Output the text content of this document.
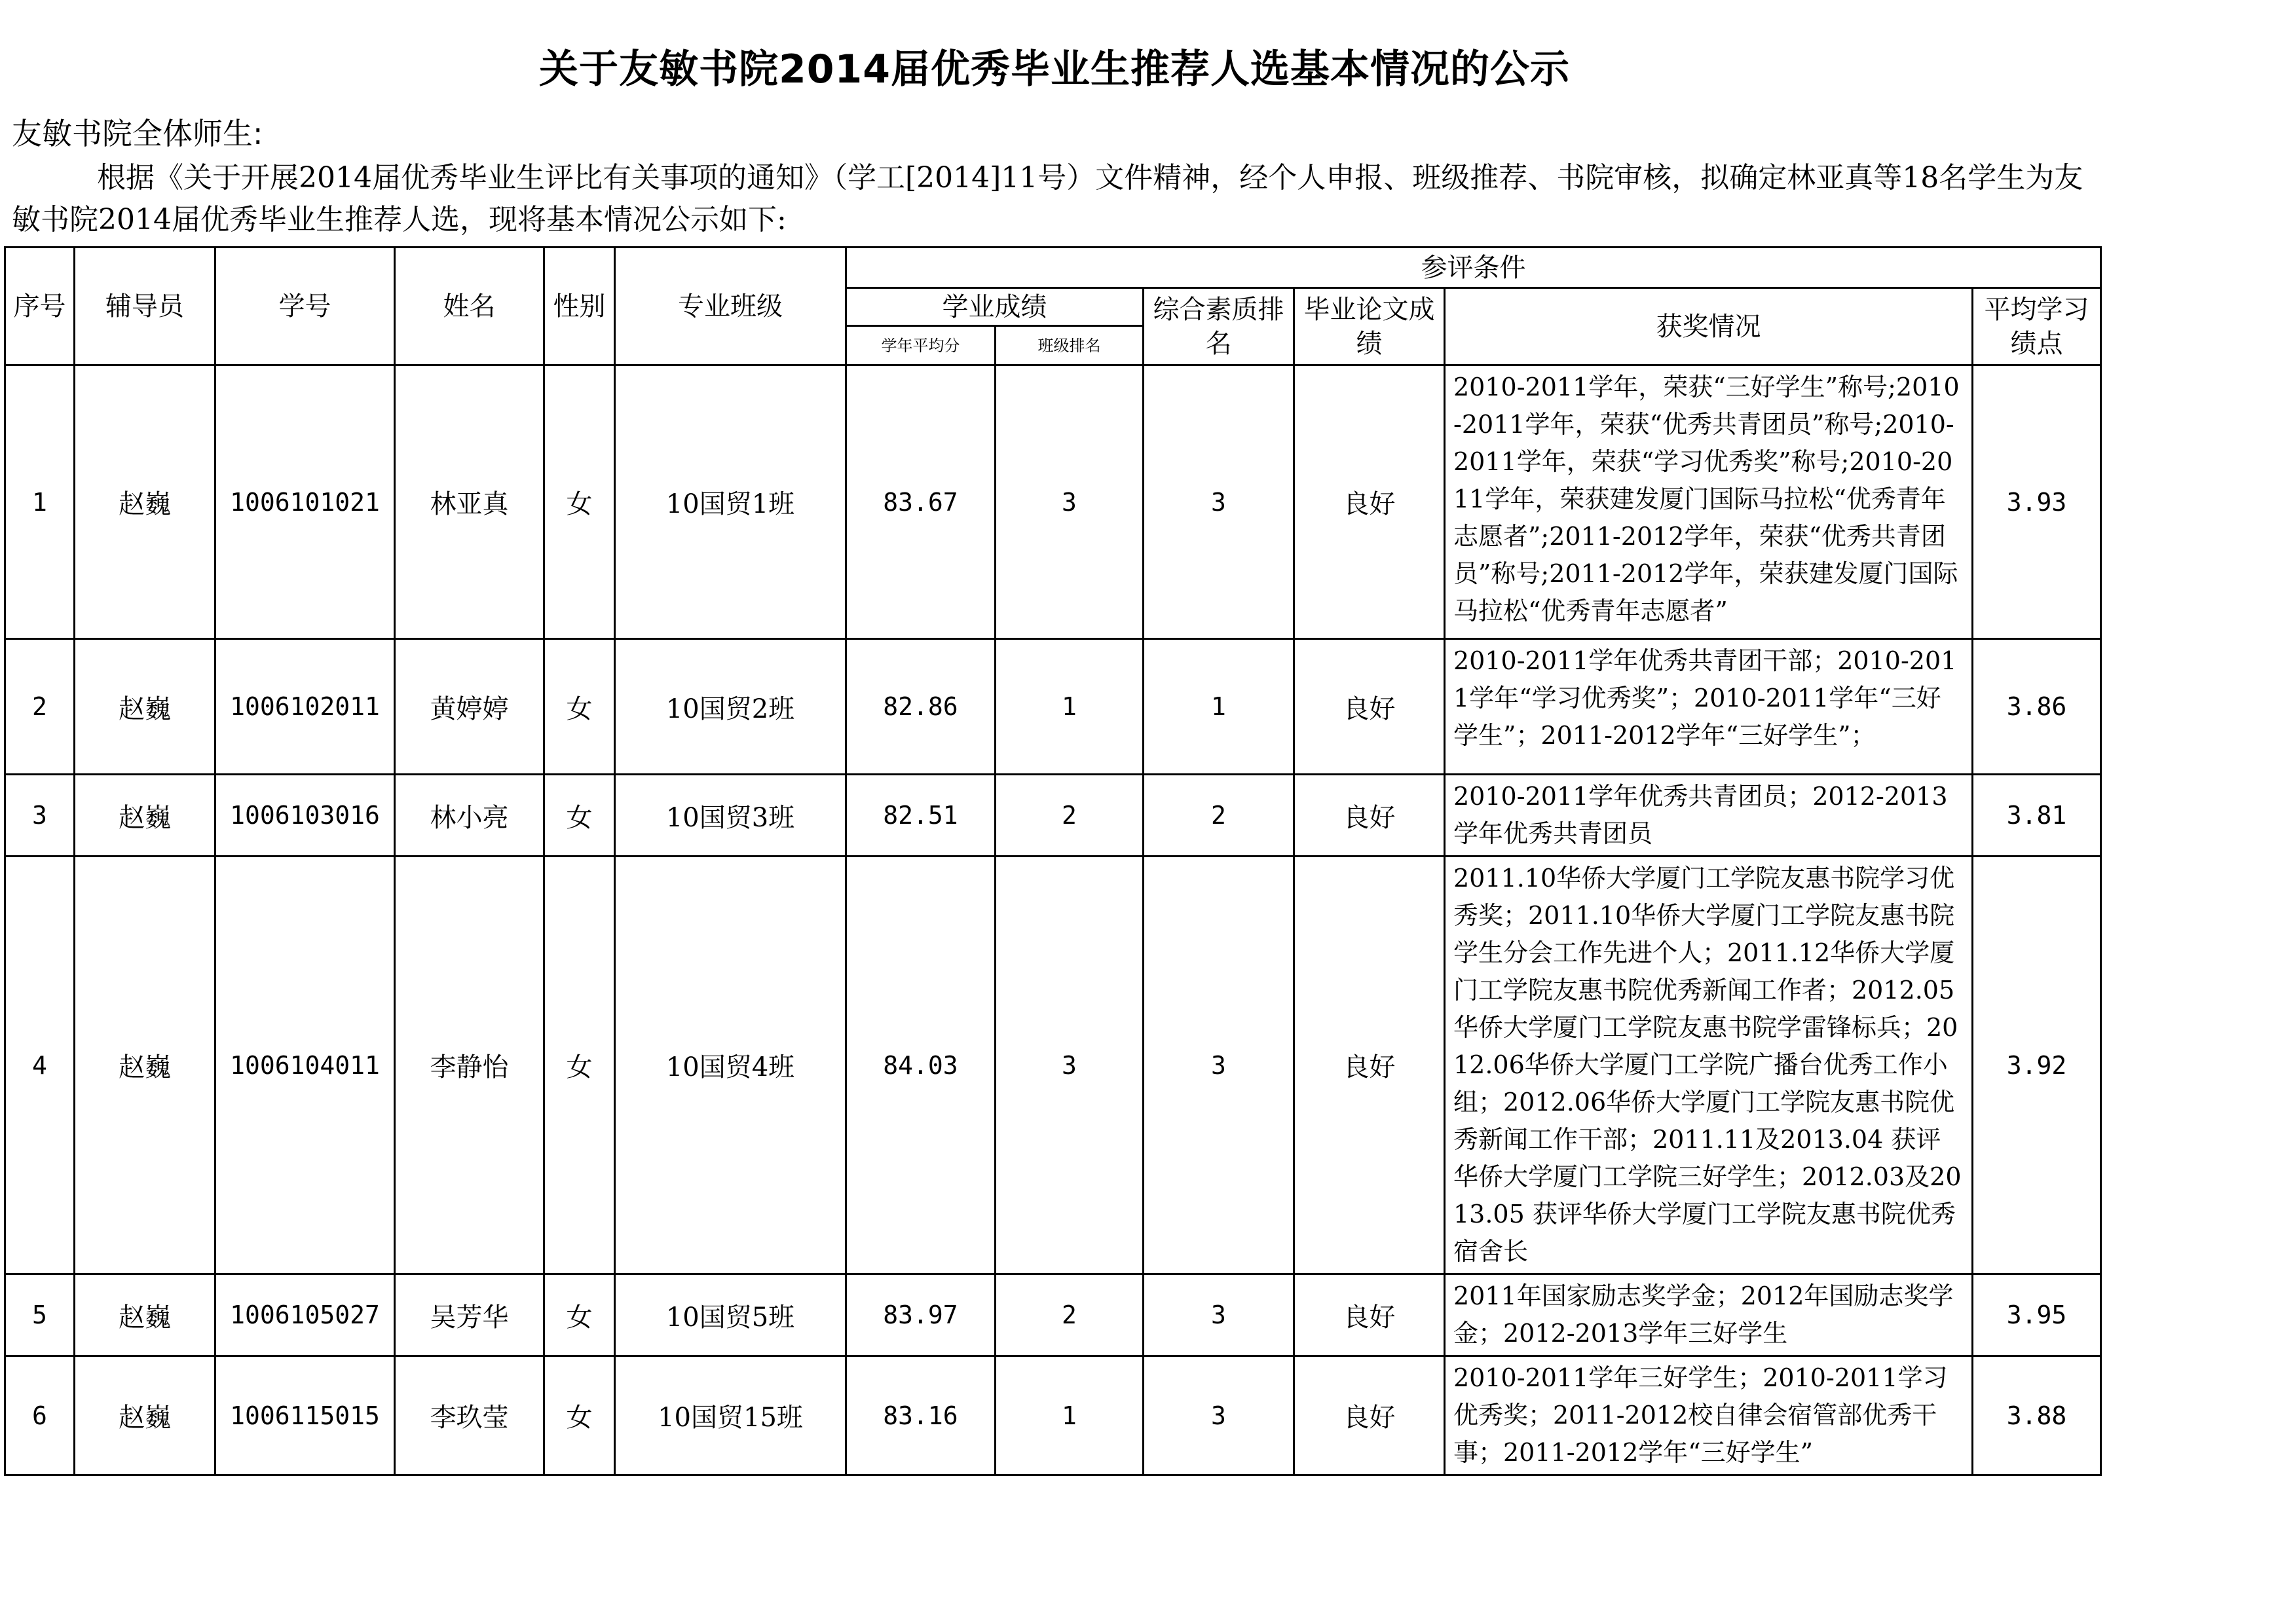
关于友敏书院2014届优秀毕业生推荐人选基本情况的公示
友敏书院全体师生:
根据《关于开展2014届优秀毕业生评比有关事项的通知》（学工[2014]11号）文件精神，经个人申报、班级推荐、书院审核，拟确定林亚真等18名学生为友敏书院2014届优秀毕业生推荐人选，现将基本情况公示如下:
序号	辅导员	学号	姓名	性别	专业班级	参评条件					
						学业成绩		综合素质排名	毕业论文成绩	获奖情况	平均学习绩点
						学年平均分	班级排名				
1	赵巍	1006101021	林亚真	女	10国贸1班	83.67	3	3	良好	2010-2011学年，荣获“三好学生”称号;2010-2011学年，荣获“优秀共青团员”称号;2010-2011学年，荣获“学习优秀奖”称号;2010-2011学年，荣获建发厦门国际马拉松“优秀青年志愿者”;2011-2012学年，荣获“优秀共青团员”称号;2011-2012学年，荣获建发厦门国际马拉松“优秀青年志愿者”	3.93
2	赵巍	1006102011	黄婷婷	女	10国贸2班	82.86	1	1	良好	2010-2011学年优秀共青团干部；2010-2011学年“学习优秀奖”；2010-2011学年“三好学生”；2011-2012学年“三好学生”；	3.86
3	赵巍	1006103016	林小亮	女	10国贸3班	82.51	2	2	良好	2010-2011学年优秀共青团员；2012-2013学年优秀共青团员	3.81
4	赵巍	1006104011	李静怡	女	10国贸4班	84.03	3	3	良好	2011.10华侨大学厦门工学院友惠书院学习优秀奖；2011.10华侨大学厦门工学院友惠书院学生分会工作先进个人；2011.12华侨大学厦门工学院友惠书院优秀新闻工作者；2012.05华侨大学厦门工学院友惠书院学雷锋标兵；2012.06华侨大学厦门工学院广播台优秀工作小组；2012.06华侨大学厦门工学院友惠书院优秀新闻工作干部；2011.11及2013.04 获评华侨大学厦门工学院三好学生；2012.03及2013.05 获评华侨大学厦门工学院友惠书院优秀宿舍长	3.92
5	赵巍	1006105027	吴芳华	女	10国贸5班	83.97	2	3	良好	2011年国家励志奖学金；2012年国励志奖学金；2012-2013学年三好学生	3.95
6	赵巍	1006115015	李玖莹	女	10国贸15班	83.16	1	3	良好	2010-2011学年三好学生；2010-2011学习优秀奖；2011-2012校自律会宿管部优秀干事；2011-2012学年“三好学生”	3.88
